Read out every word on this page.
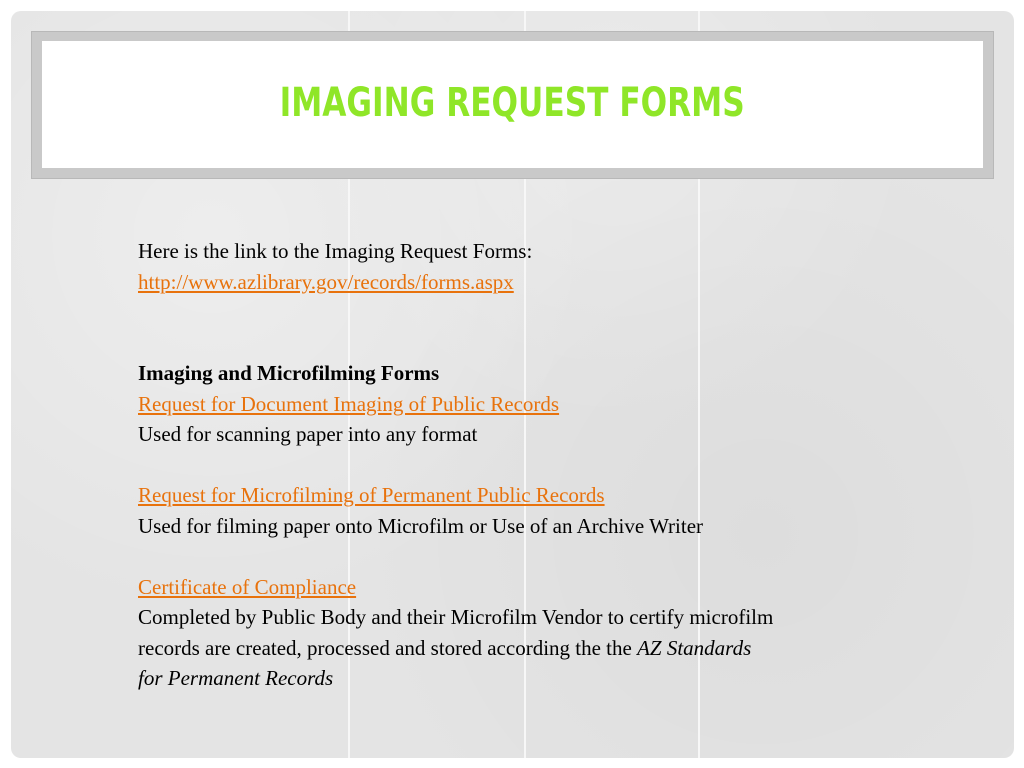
IMAGING REQUEST FORMS

Here is the link to the Imaging Request Forms:

http://www.azlibrary.gov/records/forms.aspx

Imaging and Microfilming Forms

Request for Document Imaging of Public Records

Used for scanning paper into any format

Request for Microfilming of Permanent Public Records

Used for filming paper onto Microfilm or Use of an Archive Writer

Certificate of Compliance

Completed by Public Body and their Microfilm Vendor to certify microfilm

records are created, processed and stored according the the AZ Standards

for Permanent Records
